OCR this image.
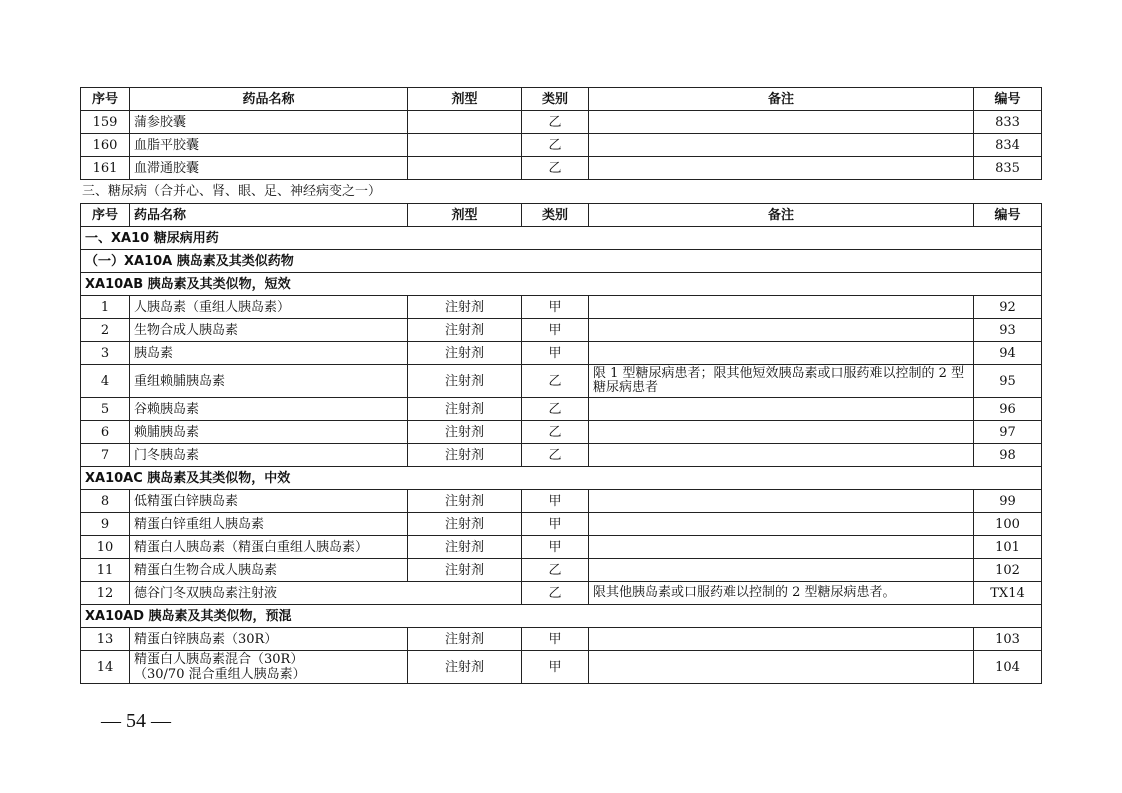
序号	药品名称	剂型	类别	备注	编号
159	蒲参胶囊		乙		833
160	血脂平胶囊		乙		834
161	血滞通胶囊		乙		835
三、糖尿病（合并心、肾、眼、足、神经病变之一）
序号	药品名称	剂型	类别	备注	编号
一、XA10 糖尿病用药					
（一）XA10A 胰岛素及其类似药物					
XA10AB 胰岛素及其类似物，短效					
1	人胰岛素（重组人胰岛素）	注射剂	甲		92
2	生物合成人胰岛素	注射剂	甲		93
3	胰岛素	注射剂	甲		94
4	重组赖脯胰岛素	注射剂	乙	限 1 型糖尿病患者；限其他短效胰岛素或口服药难以控制的 2 型糖尿病患者	95
5	谷赖胰岛素	注射剂	乙		96
6	赖脯胰岛素	注射剂	乙		97
7	门冬胰岛素	注射剂	乙		98
XA10AC 胰岛素及其类似物，中效					
8	低精蛋白锌胰岛素	注射剂	甲		99
9	精蛋白锌重组人胰岛素	注射剂	甲		100
10	精蛋白人胰岛素（精蛋白重组人胰岛素）	注射剂	甲		101
11	精蛋白生物合成人胰岛素	注射剂	乙		102
12	德谷门冬双胰岛素注射液		乙	限其他胰岛素或口服药难以控制的 2 型糖尿病患者。	TX14
XA10AD 胰岛素及其类似物，预混					
13	精蛋白锌胰岛素（30R）	注射剂	甲		103
14	精蛋白人胰岛素混合（30R）
（30/70 混合重组人胰岛素）	注射剂	甲		104
— 54 —
